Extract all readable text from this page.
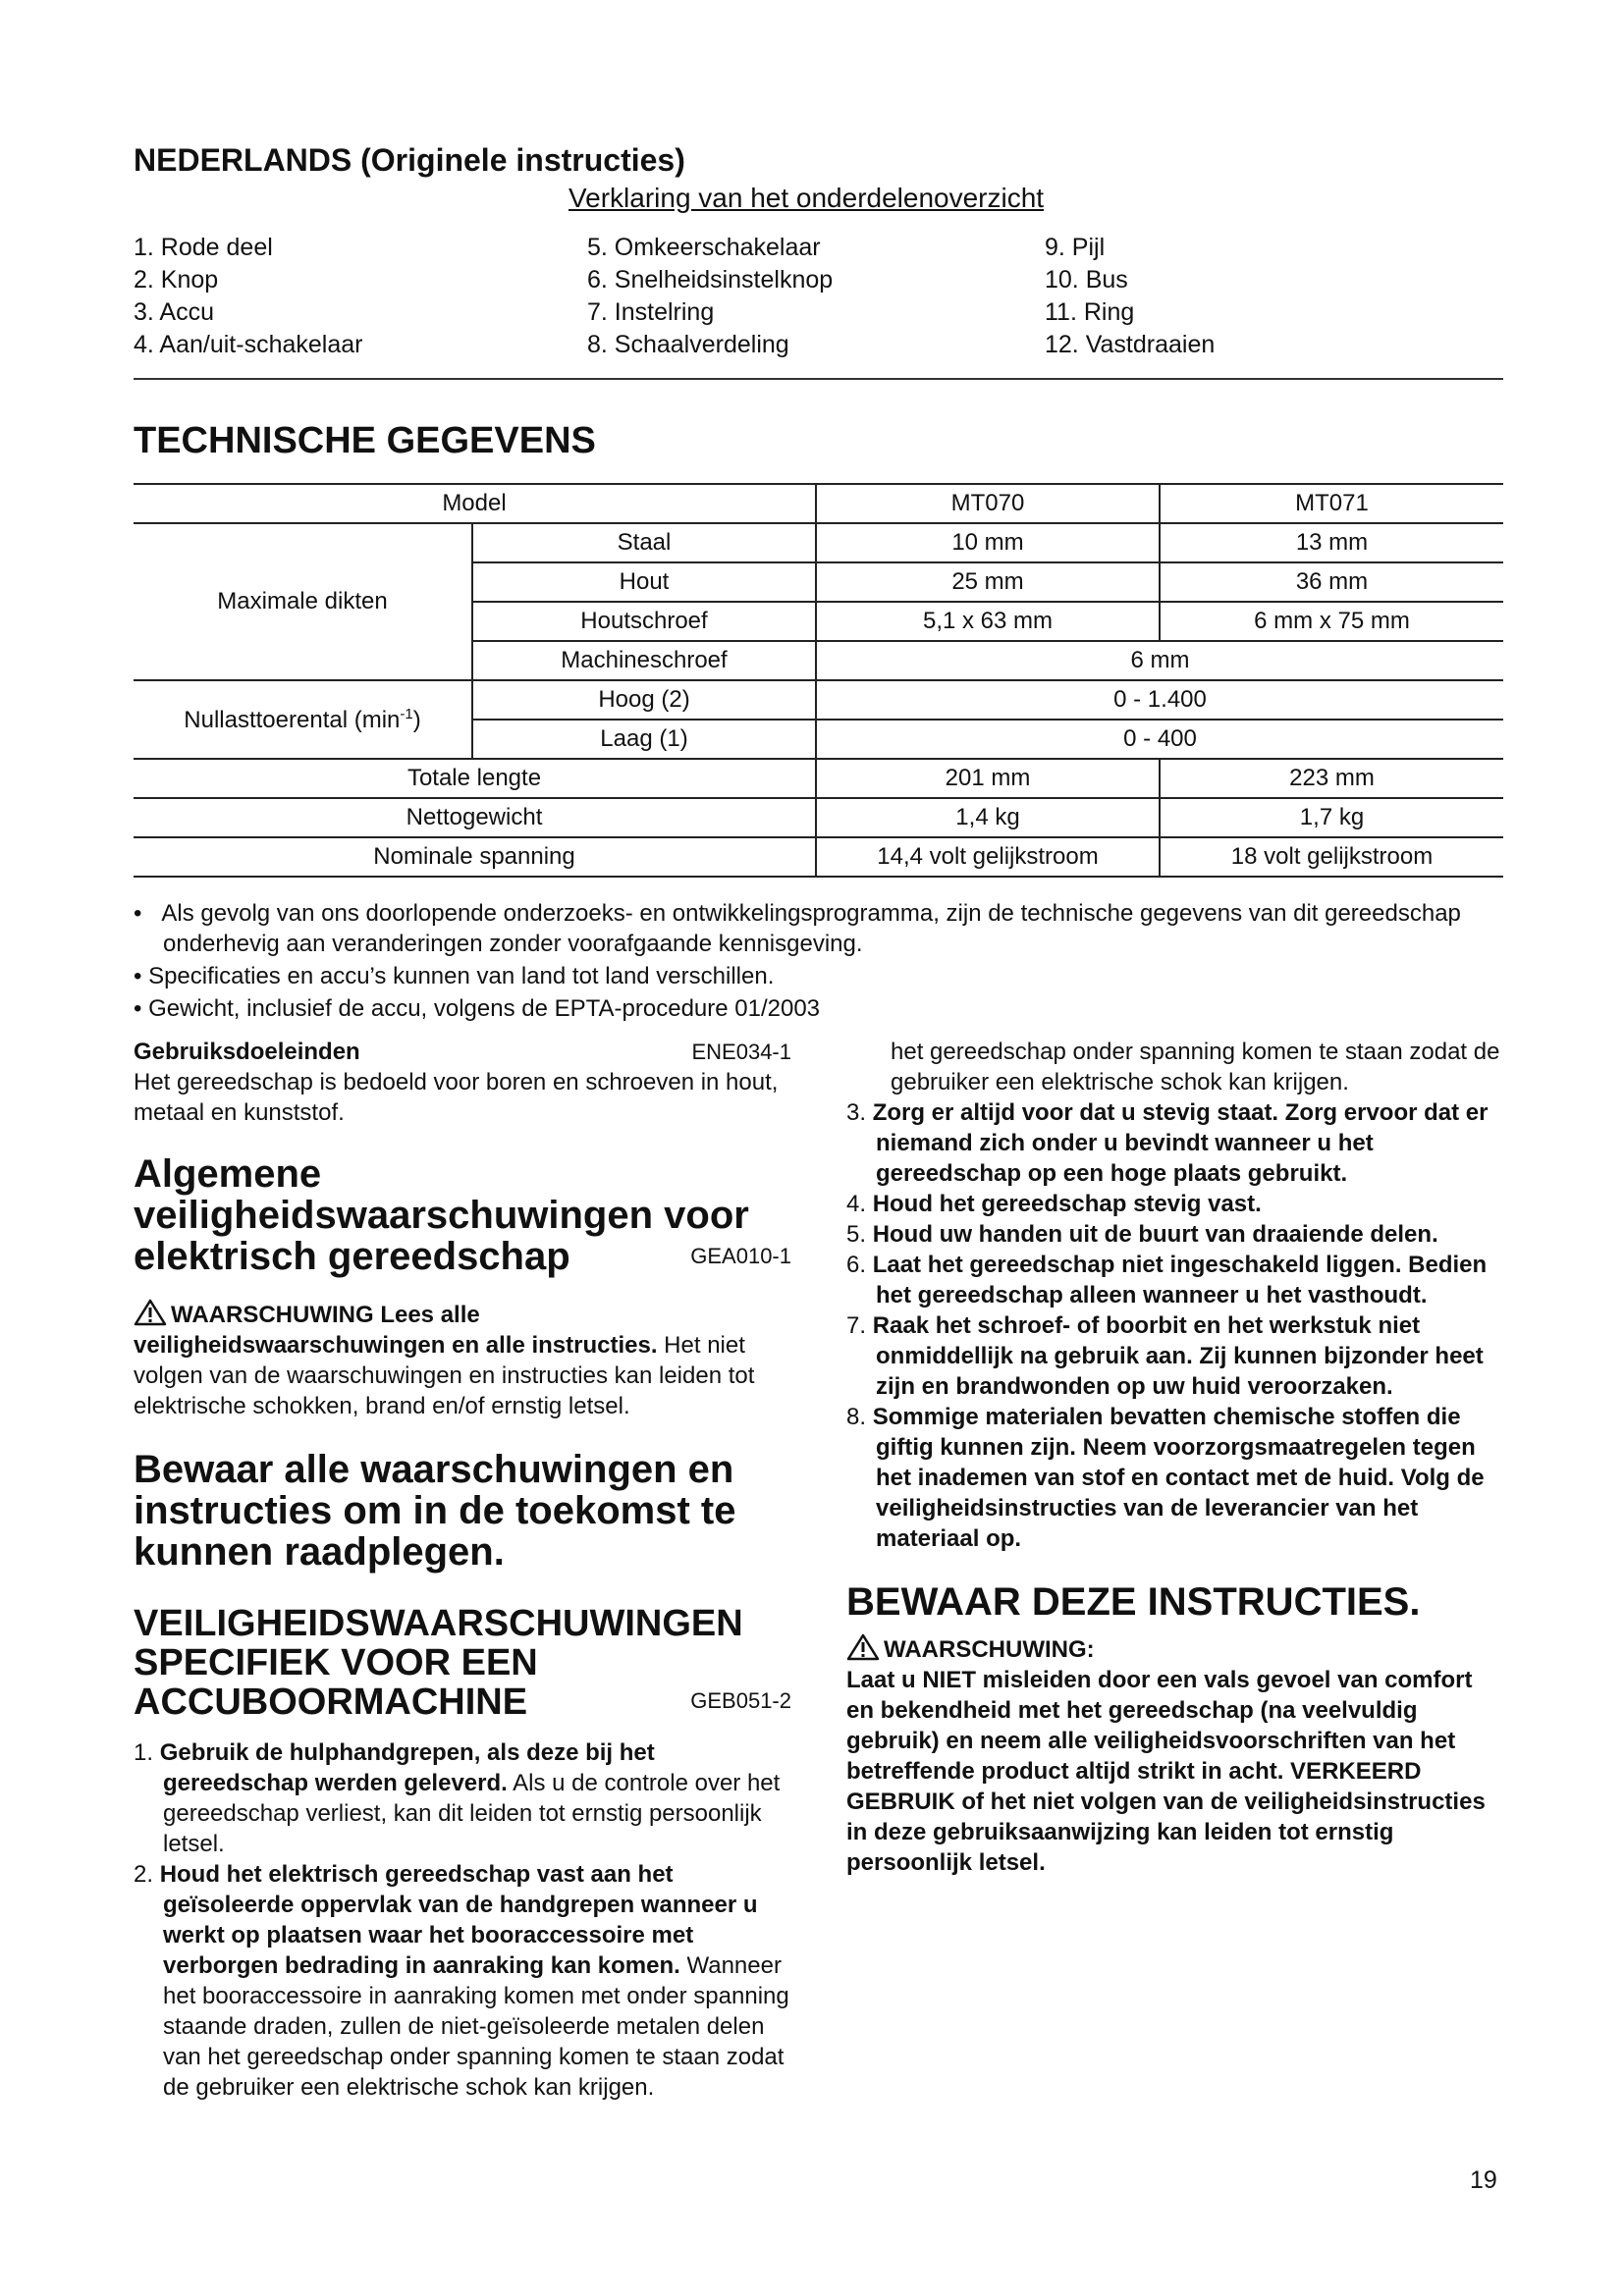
NEDERLANDS (Originele instructies)
Verklaring van het onderdelenoverzicht
1. Rode deel
2. Knop
3. Accu
4. Aan/uit-schakelaar
5. Omkeerschakelaar
6. Snelheidsinstelknop
7. Instelring
8. Schaalverdeling
9. Pijl
10. Bus
11. Ring
12. Vastdraaien
TECHNISCHE GEGEVENS
Model		MT070	MT071
Maximale dikten	Staal	10 mm	13 mm
	Hout	25 mm	36 mm
	Houtschroef	5,1 x 63 mm	6 mm x 75 mm
	Machineschroef	6 mm	
Nullasttoerental $(\min^{-1})$	Hoog (2)	0 - 1.400	
	Laag (1)	0 - 400	
Totale lengte		201 mm	223 mm
Nettogewicht		1,4 kg	1,7 kg
Nominale spanning		14,4 volt gelijkstroom	18 volt gelijkstroom
•   Als gevolg van ons doorlopende onderzoeks- en ontwikkelingsprogramma, zijn de technische gegevens van dit gereedschap onderhevig aan veranderingen zonder voorafgaande kennisgeving.
• Specificaties en accu’s kunnen van land tot land verschillen.
• Gewicht, inclusief de accu, volgens de EPTA-procedure 01/2003
Gebruiksdoeleinden	ENE034-1
Het gereedschap is bedoeld voor boren en schroeven in hout, metaal en kunststof.
Algemene veiligheidswaarschuwingen voor elektrisch gereedschap	GEA010-1
WAARSCHUWING Lees alle veiligheidswaarschuwingen en alle instructies. Het niet volgen van de waarschuwingen en instructies kan leiden tot elektrische schokken, brand en/of ernstig letsel.
Bewaar alle waarschuwingen en instructies om in de toekomst te kunnen raadplegen.
VEILIGHEIDSWAARSCHUWINGEN SPECIFIEK VOOR EEN ACCUBOORMACHINE	GEB051-2

1. Gebruik de hulphandgrepen, als deze bij het gereedschap werden geleverd. Als u de controle over het gereedschap verliest, kan dit leiden tot ernstig persoonlijk letsel.

2. Houd het elektrisch gereedschap vast aan het geïsoleerde oppervlak van de handgrepen wanneer u werkt op plaatsen waar het booraccessoire met verborgen bedrading in aanraking kan komen. Wanneer het booraccessoire in aanraking komen met onder spanning staande draden, zullen de niet-geïsoleerde metalen delen van het gereedschap onder spanning komen te staan zodat de gebruiker een elektrische schok kan krijgen.

het gereedschap onder spanning komen te staan zodat de gebruiker een elektrische schok kan krijgen.

3. Zorg er altijd voor dat u stevig staat. Zorg ervoor dat er niemand zich onder u bevindt wanneer u het gereedschap op een hoge plaats gebruikt.

4. Houd het gereedschap stevig vast.

5. Houd uw handen uit de buurt van draaiende delen.

6. Laat het gereedschap niet ingeschakeld liggen. Bedien het gereedschap alleen wanneer u het vasthoudt.

7. Raak het schroef- of boorbit en het werkstuk niet onmiddellijk na gebruik aan. Zij kunnen bijzonder heet zijn en brandwonden op uw huid veroorzaken.

8. Sommige materialen bevatten chemische stoffen die giftig kunnen zijn. Neem voorzorgsmaatregelen tegen het inademen van stof en contact met de huid. Volg de veiligheidsinstructies van de leverancier van het materiaal op.

BEWAAR DEZE INSTRUCTIES.
WAARSCHUWING:
Laat u NIET misleiden door een vals gevoel van comfort en bekendheid met het gereedschap (na veelvuldig gebruik) en neem alle veiligheidsvoorschriften van het betreffende product altijd strikt in acht. VERKEERD GEBRUIK of het niet volgen van de veiligheidsinstructies in deze gebruiksaanwijzing kan leiden tot ernstig persoonlijk letsel.
19
